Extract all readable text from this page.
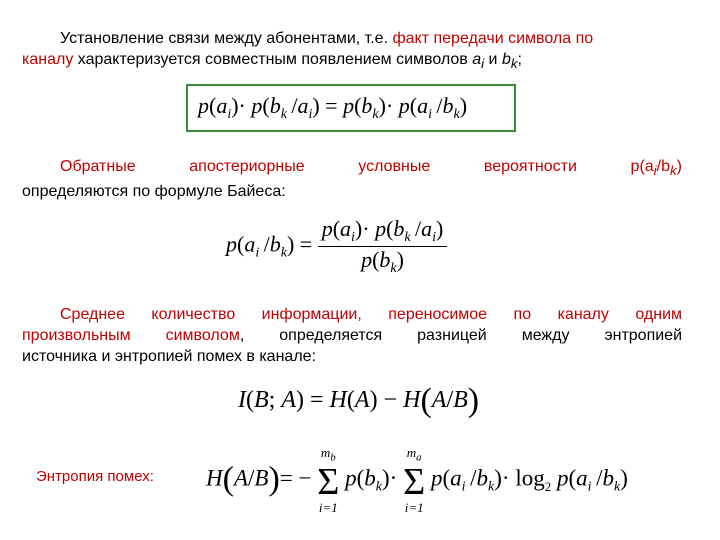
Установление связи между абонентами, т.е. факт передачи символа по
каналу характеризуется совместным появлением символов $a_i$ и $b_k$;
$p(a_i)\cdot p(b_k$ $/a_i) = p(b_k)\cdot p(a_i$ $/b_k$)
Обратные	апостериорные	условные	вероятности	$p(a_i/b_k)$
определяются по формуле Байеса:
$p(a_i$ $/b_k) = \frac{p(a_i)\cdot p(b_k /a_i)}{p(b_k)}$
Среднее количество информации, переносимое по каналу одним
произвольным символом, определяется разницей между энтропией
источника и энтропией помех в канале:
I(B; A) = H(A) − H(A/B)
Энтропия помех: H(A/B)= −
$m_b$
Σ
i=1
$p(b_k)\cdot$
$m_a$
Σ
i=1
$p(a_i$ $/b_k)\cdot \log_2 p(a_i$ $/b_k$)
